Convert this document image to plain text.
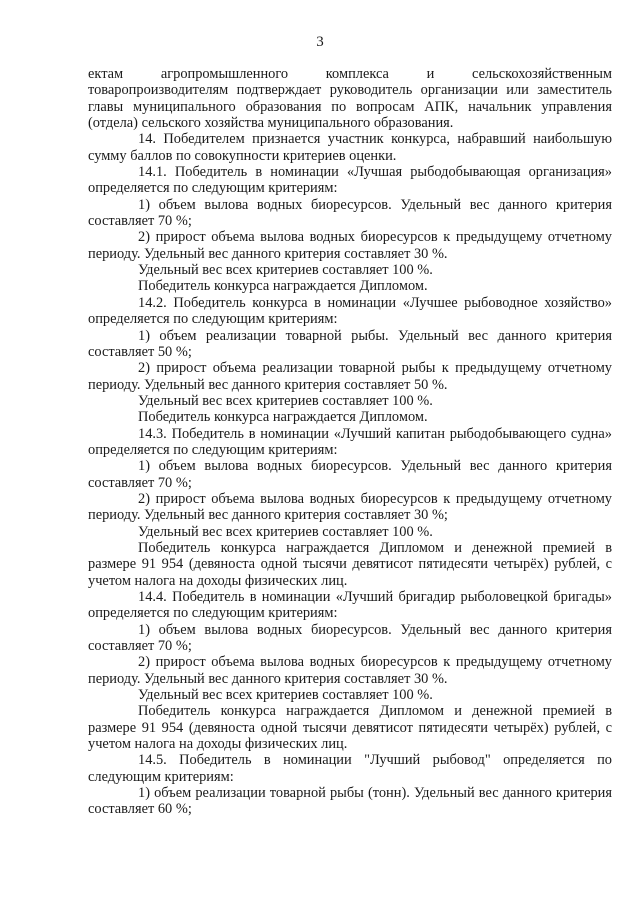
3

ектам агропромышленного комплекса и сельскохозяйственным товаропроизводителям подтверждает руководитель организации или заместитель главы муниципального образования по вопросам АПК, начальник управления (отдела) сельского хозяйства муниципального образования.

14. Победителем признается участник конкурса, набравший наибольшую сумму баллов по совокупности критериев оценки.

14.1. Победитель в номинации «Лучшая рыбодобывающая организация» определяется по следующим критериям:

1) объем вылова водных биоресурсов. Удельный вес данного критерия составляет 70 %;

2) прирост объема вылова водных биоресурсов к предыдущему отчетному периоду. Удельный вес данного критерия составляет 30 %.

Удельный вес всех критериев составляет 100 %.

Победитель конкурса награждается Дипломом.

14.2. Победитель конкурса в номинации «Лучшее рыбоводное хозяйство» определяется по следующим критериям:

1) объем реализации товарной рыбы. Удельный вес данного критерия составляет 50 %;

2) прирост объема реализации товарной рыбы к предыдущему отчетному периоду. Удельный вес данного критерия составляет 50 %.

Удельный вес всех критериев составляет 100 %.

Победитель конкурса награждается Дипломом.

14.3. Победитель в номинации «Лучший капитан рыбодобывающего судна» определяется по следующим критериям:

1) объем вылова водных биоресурсов. Удельный вес данного критерия составляет 70 %;

2) прирост объема вылова водных биоресурсов к предыдущему отчетному периоду. Удельный вес данного критерия составляет 30 %;

Удельный вес всех критериев составляет 100 %.

Победитель конкурса награждается Дипломом и денежной премией в размере 91 954 (девяноста одной тысячи девятисот пятидесяти четырёх) рублей, с учетом налога на доходы физических лиц.

14.4. Победитель в номинации «Лучший бригадир рыболовецкой бригады» определяется по следующим критериям:

1) объем вылова водных биоресурсов. Удельный вес данного критерия составляет 70 %;

2) прирост объема вылова водных биоресурсов к предыдущему отчетному периоду. Удельный вес данного критерия составляет 30 %.

Удельный вес всех критериев составляет 100 %.

Победитель конкурса награждается Дипломом и денежной премией в размере 91 954 (девяноста одной тысячи девятисот пятидесяти четырёх) рублей, с учетом налога на доходы физических лиц.

14.5. Победитель в номинации "Лучший рыбовод" определяется по следующим критериям:

1) объем реализации товарной рыбы (тонн). Удельный вес данного критерия составляет 60 %;
